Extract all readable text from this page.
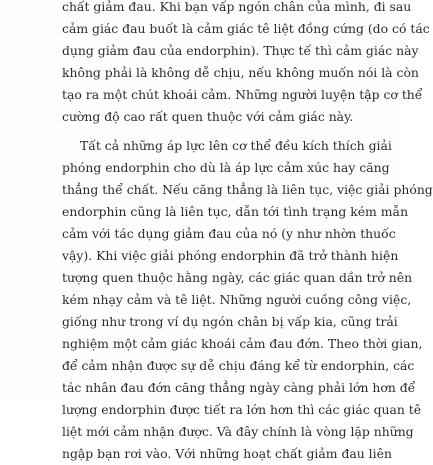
chất giảm đau. Khi bạn vấp ngón chân của mình, đi sau
cảm giác đau buốt là cảm giác tê liệt đồng cứng (do có tác
dụng giảm đau của endorphin). Thực tế thì cảm giác này
không phải là không dễ chịu, nếu không muốn nói là còn
tạo ra một chút khoái cảm. Những người luyện tập cơ thể
cường độ cao rất quen thuộc với cảm giác này.
Tất cả những áp lực lên cơ thể đều kích thích giải
phóng endorphin cho dù là áp lực cảm xúc hay căng
thẳng thể chất. Nếu căng thẳng là liên tục, việc giải phóng
endorphin cũng là liên tục, dẫn tới tình trạng kém mẫn
cảm với tác dụng giảm đau của nó (y như nhờn thuốc
vậy). Khi việc giải phóng endorphin đã trở thành hiện
tượng quen thuộc hằng ngày, các giác quan dần trở nên
kém nhạy cảm và tê liệt. Những người cuồng công việc,
giống như trong ví dụ ngón chân bị vấp kia, cũng trải
nghiệm một cảm giác khoái cảm đau đớn. Theo thời gian,
để cảm nhận được sự dễ chịu đáng kể từ endorphin, các
tác nhân đau đớn căng thẳng ngày càng phải lớn hơn để
lượng endorphin được tiết ra lớn hơn thì các giác quan tê
liệt mới cảm nhận được. Và đây chính là vòng lặp những
ngập bạn rơi vào. Với những hoạt chất giảm đau liên
